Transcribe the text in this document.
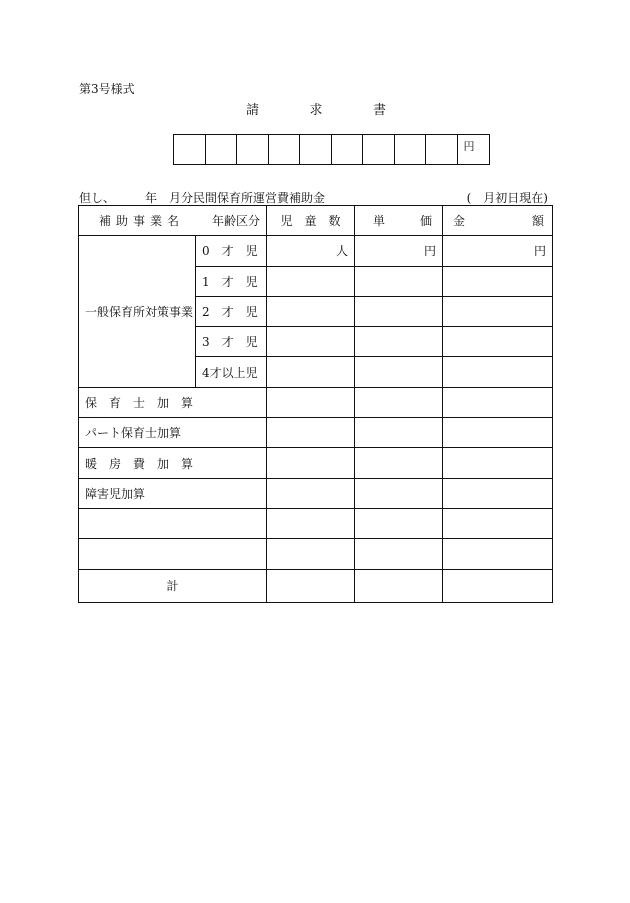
第3号様式
請	求	書
円
但し、　　　年　月分民間保育所運営費補助金	(　月初日現在)
補助事業名 年齢区分		児　童　数	単 価	金 額

一般保育所対策事業	0　才　児	人	円	円
	1　才　児			
	2　才　児			
	3　才　児			
	4才以上児			
保　育　士　加　算				
パート保育士加算				
暖　房　費　加　算				
障害児加算				

計				
